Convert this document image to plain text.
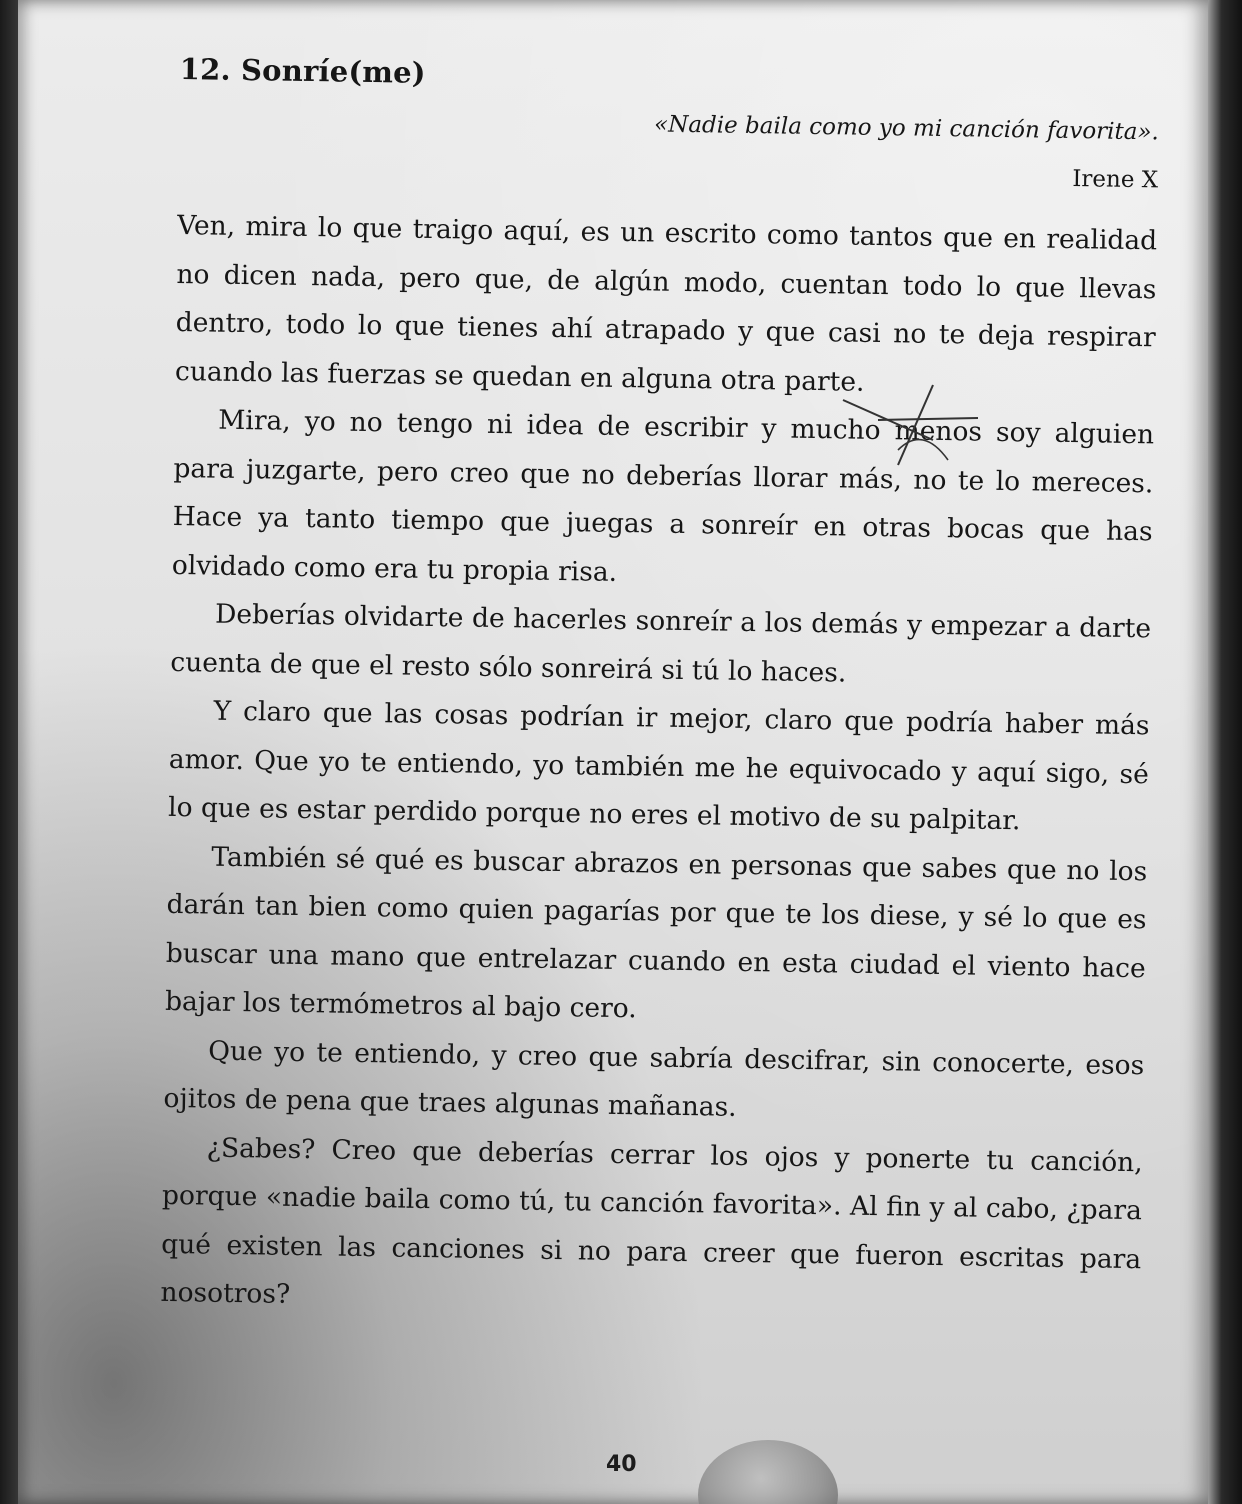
12. Sonríe(me)
«Nadie baila como yo mi canción favorita».
Irene X

Ven, mira lo que traigo aquí, es un escrito como tantos que en realidad no dicen nada, pero que, de algún modo, cuentan todo lo que llevas dentro, todo lo que tienes ahí atrapado y que casi no te deja respirar cuando las fuerzas se quedan en alguna otra parte.

Mira, yo no tengo ni idea de escribir y mucho menos soy alguien para juzgarte, pero creo que no deberías llorar más, no te lo mereces. Hace ya tanto tiempo que juegas a sonreír en otras bocas que has olvidado como era tu propia risa.

Deberías olvidarte de hacerles sonreír a los demás y empezar a darte cuenta de que el resto sólo sonreirá si tú lo haces.

Y claro que las cosas podrían ir mejor, claro que podría haber más amor. Que yo te entiendo, yo también me he equivocado y aquí sigo, sé lo que es estar perdido porque no eres el motivo de su palpitar.

También sé qué es buscar abrazos en personas que sabes que no los darán tan bien como quien pagarías por que te los diese, y sé lo que es buscar una mano que entrelazar cuando en esta ciudad el viento hace bajar los termómetros al bajo cero.

Que yo te entiendo, y creo que sabría descifrar, sin conocerte, esos ojitos de pena que traes algunas mañanas.

¿Sabes? Creo que deberías cerrar los ojos y ponerte tu canción, porque «nadie baila como tú, tu canción favorita». Al fin y al cabo, ¿para qué existen las canciones si no para creer que fueron escritas para nosotros?

40
